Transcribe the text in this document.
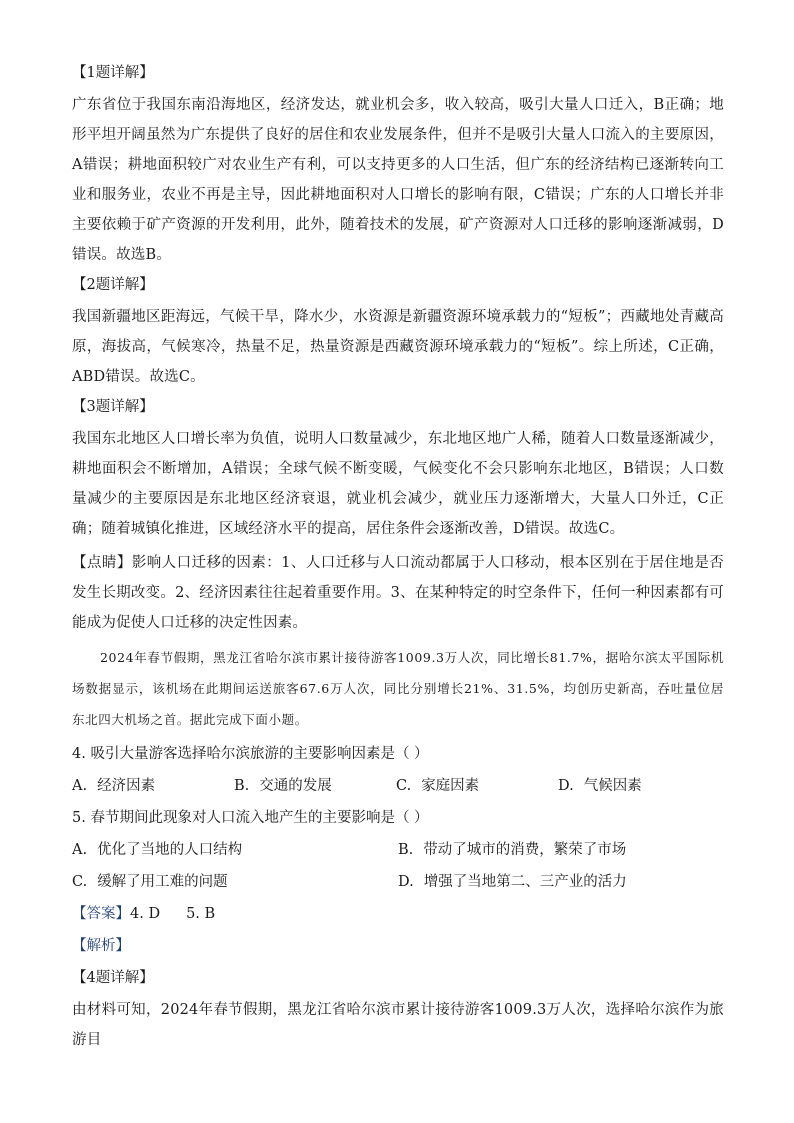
【1题详解】
广东省位于我国东南沿海地区，经济发达，就业机会多，收入较高，吸引大量人口迁入，B正确；地形平坦开阔虽然为广东提供了良好的居住和农业发展条件，但并不是吸引大量人口流入的主要原因，A错误；耕地面积较广对农业生产有利，可以支持更多的人口生活，但广东的经济结构已逐渐转向工业和服务业，农业不再是主导，因此耕地面积对人口增长的影响有限，C错误；广东的人口增长并非主要依赖于矿产资源的开发利用，此外，随着技术的发展，矿产资源对人口迁移的影响逐渐减弱，D错误。故选B。
【2题详解】
我国新疆地区距海远，气候干旱，降水少，水资源是新疆资源环境承载力的“短板”；西藏地处青藏高原，海拔高，气候寒冷，热量不足，热量资源是西藏资源环境承载力的“短板”。综上所述，C正确，ABD错误。故选C。
【3题详解】
我国东北地区人口增长率为负值，说明人口数量减少，东北地区地广人稀，随着人口数量逐渐减少，耕地面积会不断增加，A错误；全球气候不断变暖，气候变化不会只影响东北地区，B错误；人口数量减少的主要原因是东北地区经济衰退，就业机会减少，就业压力逐渐增大，大量人口外迁，C正确；随着城镇化推进，区域经济水平的提高，居住条件会逐渐改善，D错误。故选C。
【点睛】影响人口迁移的因素：1、人口迁移与人口流动都属于人口移动，根本区别在于居住地是否发生长期改变。2、经济因素往往起着重要作用。3、在某种特定的时空条件下，任何一种因素都有可能成为促使人口迁移的决定性因素。
2024年春节假期，黑龙江省哈尔滨市累计接待游客1009.3万人次，同比增长81.7%，据哈尔滨太平国际机场数据显示，该机场在此期间运送旅客67.6万人次，同比分别增长21%、31.5%，均创历史新高，吞吐量位居东北四大机场之首。据此完成下面小题。
4. 吸引大量游客选择哈尔滨旅游的主要影响因素是（ ）
A. 经济因素	B. 交通的发展	C. 家庭因素	D. 气候因素
5. 春节期间此现象对人口流入地产生的主要影响是（ ）
A. 优化了当地的人口结构	B. 带动了城市的消费，繁荣了市场
C. 缓解了用工难的问题	D. 增强了当地第二、三产业的活力
【答案】4. D 5. B
【解析】
【4题详解】
由材料可知，2024年春节假期，黑龙江省哈尔滨市累计接待游客1009.3万人次，选择哈尔滨作为旅游目
